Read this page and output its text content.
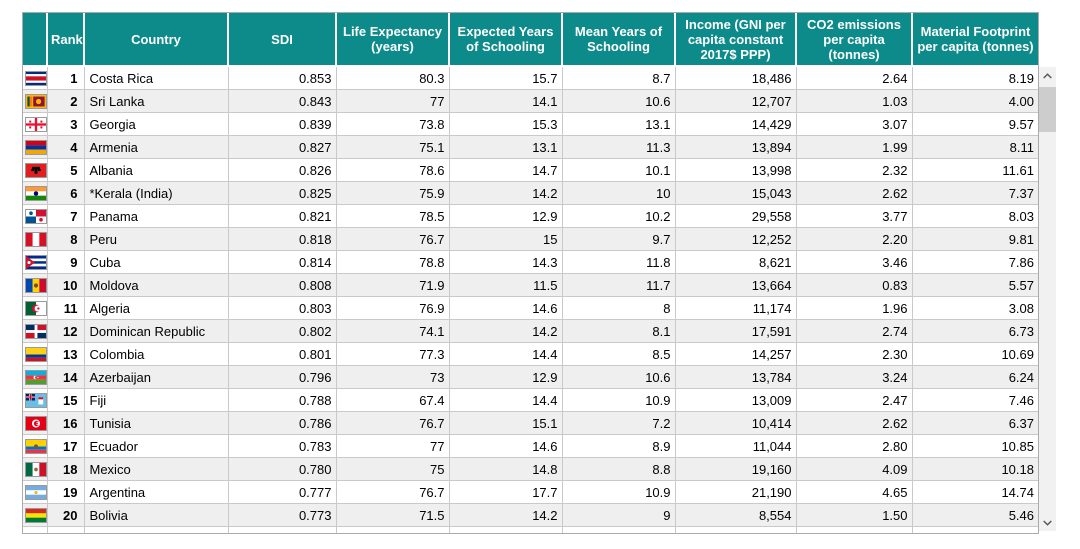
	Rank	Country	SDI	Life Expectancy (years)	Expected Years of Schooling	Mean Years of Schooling	Income (GNI per capita constant 2017$ PPP)	CO2 emissions per capita (tonnes)	Material Footprint per capita (tonnes)
	1	Costa Rica	0.853	80.3	15.7	8.7	18,486	2.64	8.19

	2	Sri Lanka	0.843	77	14.1	10.6	12,707	1.03	4.00

	3	Georgia	0.839	73.8	15.3	13.1	14,429	3.07	9.57

	4	Armenia	0.827	75.1	13.1	11.3	13,894	1.99	8.11

	5	Albania	0.826	78.6	14.7	10.1	13,998	2.32	11.61

	6	*Kerala (India)	0.825	75.9	14.2	10	15,043	2.62	7.37

	7	Panama	0.821	78.5	12.9	10.2	29,558	3.77	8.03

	8	Peru	0.818	76.7	15	9.7	12,252	2.20	9.81

	9	Cuba	0.814	78.8	14.3	11.8	8,621	3.46	7.86

	10	Moldova	0.808	71.9	11.5	11.7	13,664	0.83	5.57

	11	Algeria	0.803	76.9	14.6	8	11,174	1.96	3.08

	12	Dominican Republic	0.802	74.1	14.2	8.1	17,591	2.74	6.73

	13	Colombia	0.801	77.3	14.4	8.5	14,257	2.30	10.69

	14	Azerbaijan	0.796	73	12.9	10.6	13,784	3.24	6.24

	15	Fiji	0.788	67.4	14.4	10.9	13,009	2.47	7.46

	16	Tunisia	0.786	76.7	15.1	7.2	10,414	2.62	6.37

	17	Ecuador	0.783	77	14.6	8.9	11,044	2.80	10.85

	18	Mexico	0.780	75	14.8	8.8	19,160	4.09	10.18

	19	Argentina	0.777	76.7	17.7	10.9	21,190	4.65	14.74

	20	Bolivia	0.773	71.5	14.2	9	8,554	1.50	5.46
